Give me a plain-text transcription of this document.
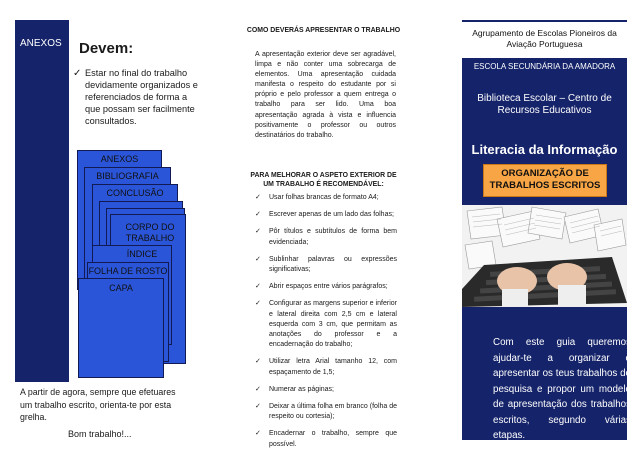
ANEXOS Devem:
✓ Estar no final do trabalho devidamente organizados e referenciados de forma a que possam ser facilmente consultados.
ANEXOS
BIBLIOGRAFIA
CONCLUSÃO
CORPO DO TRABALHO
ÍNDICE
FOLHA DE ROSTO
CAPA
A partir de agora, sempre que efetuares um trabalho escrito, orienta-te por esta grelha.
Bom trabalho!...
COMO DEVERÁS APRESENTAR O TRABALHO
A apresentação exterior deve ser agradável, limpa e não conter uma sobrecarga de elementos. Uma apresentação cuidada manifesta o respeito do estudante por si próprio e pelo professor a quem entrega o trabalho para ser lido. Uma boa apresentação agrada à vista e influencia positivamente o professor ou outros destinatários do trabalho.
PARA MELHORAR O ASPETO EXTERIOR DE UM TRABALHO É RECOMENDÁVEL:
✓ Usar folhas brancas de formato A4;
✓ Escrever apenas de um lado das folhas;
✓ Pôr títulos e subtítulos de forma bem evidenciada;
✓ Sublinhar palavras ou expressões significativas;
✓ Abrir espaços entre vários parágrafos;
✓ Configurar as margens superior e inferior e lateral direita com 2,5 cm e lateral esquerda com 3 cm, que permitam as anotações do professor e a encadernação do trabalho;
✓ Utilizar letra Arial tamanho 12, com espaçamento de 1,5;
✓ Numerar as páginas;
✓ Deixar a última folha em branco (folha de respeito ou cortesia);
✓ Encadernar o trabalho, sempre que possível.
Agrupamento de Escolas Pioneiros da Aviação Portuguesa
ESCOLA SECUNDÁRIA DA AMADORA
Biblioteca Escolar – Centro de Recursos Educativos
Literacia da Informação
ORGANIZAÇÃO DE TRABALHOS ESCRITOS
Com este guia queremos ajudar-te a organizar e apresentar os teus trabalhos de pesquisa e propor um modelo de apresentação dos trabalhos escritos, segundo várias etapas.
